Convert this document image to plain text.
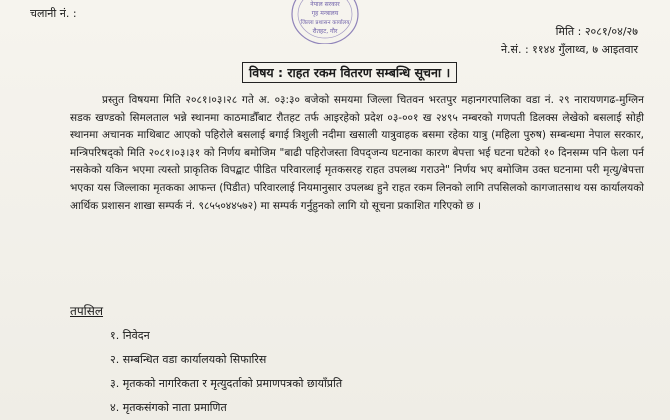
चलानी नं. :
नेपाल सरकार
गृह मन्त्रालय
जिल्ला प्रशासन कार्यालय
रौतहट, गौर	मिति : २०८१/०४/२७
ने.सं. : ११४४ गुँलाथ्व, ७ आइतवार
विषय : राहत रकम वितरण सम्बन्धि सूचना ।
प्रस्तुत विषयमा मिति २०८१।०३।२८ गते अ. ०३:३० बजेको समयमा जिल्ला चितवन भरतपुर महानगरपालिका वडा नं. २९ नारायणगढ-मुग्लिन सडक खण्डको सिमलताल भन्ने स्थानमा काठमाडौँबाट रौतहट तर्फ आइरहेको प्रदेश ०३-००१ ख २४९५ नम्बरको गणपती डिलक्स लेखेको बसलाई सोही स्थानमा अचानक माथिबाट आएको पहिरोले बसलाई बगाई त्रिशुली नदीमा खसाली यात्रुवाहक बसमा रहेका यात्रु (महिला पुरुष) सम्बन्धमा नेपाल सरकार, मन्त्रिपरिषद्को मिति २०८१।०३।३१ को निर्णय बमोजिम "बाढी पहिरोजस्ता विपद्जन्य घटनाका कारण बेपत्ता भई घटना घटेको १० दिनसम्म पनि फेला पर्न नसकेको यकिन भएमा त्यस्तो प्राकृतिक विपद्बाट पीडित परिवारलाई मृतकसरह राहत उपलब्ध गराउने" निर्णय भए बमोजिम उक्त घटनामा परी मृत्यु/बेपत्ता भएका यस जिल्लाका मृतकका आफन्त (पिडीत) परिवारलाई नियमानुसार उपलब्ध हुने राहत रकम लिनको लागि तपसिलको कागजातसाथ यस कार्यालयको आर्थिक प्रशासन शाखा सम्पर्क नं. ९८५५०४४५७२) मा सम्पर्क गर्नुहुनको लागि यो सूचना प्रकाशित गरिएको छ ।
तपसिल
१. निवेदन
२. सम्बन्धित वडा कार्यालयको सिफारिस
३. मृतकको नागरिकता र मृत्युदर्ताको प्रमाणपत्रको छायाँप्रति
४. मृतकसंगको नाता प्रमाणित
